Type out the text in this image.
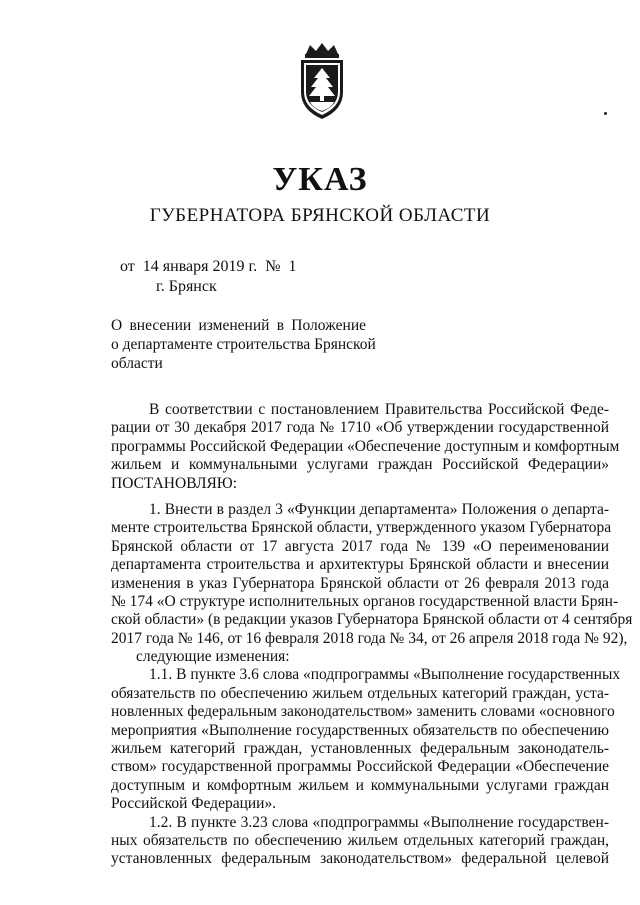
УКАЗ
ГУБЕРНАТОРА БРЯНСКОЙ ОБЛАСТИ
от  14 января 2019 г.  №  1
г. Брянск
О внесении изменений в Положение
о департаменте строительства Брянской
области
В соответствии с постановлением Правительства Российской Феде-
рации от 30 декабря 2017 года № 1710 «Об утверждении государственной
программы Российской Федерации «Обеспечение доступным и комфортным
жильем и коммунальными услугами граждан Российской Федерации»
ПОСТАНОВЛЯЮ:
1. Внести в раздел 3 «Функции департамента» Положения о департа-
менте строительства Брянской области, утвержденного указом Губернатора
Брянской области от 17 августа 2017 года № 139 «О переименовании
департамента строительства и архитектуры Брянской области и внесении
изменения в указ Губернатора Брянской области от 26 февраля 2013 года
№ 174 «О структуре исполнительных органов государственной власти Брян-
ской области» (в редакции указов Губернатора Брянской области от 4 сентября
2017 года № 146, от 16 февраля 2018 года № 34, от 26 апреля 2018 года № 92),
следующие изменения:
1.1. В пункте 3.6 слова «подпрограммы «Выполнение государственных
обязательств по обеспечению жильем отдельных категорий граждан, уста-
новленных федеральным законодательством» заменить словами «основного
мероприятия «Выполнение государственных обязательств по обеспечению
жильем категорий граждан, установленных федеральным законодатель-
ством» государственной программы Российской Федерации «Обеспечение
доступным и комфортным жильем и коммунальными услугами граждан
Российской Федерации».
1.2. В пункте 3.23 слова «подпрограммы «Выполнение государствен-
ных обязательств по обеспечению жильем отдельных категорий граждан,
установленных федеральным законодательством» федеральной целевой
